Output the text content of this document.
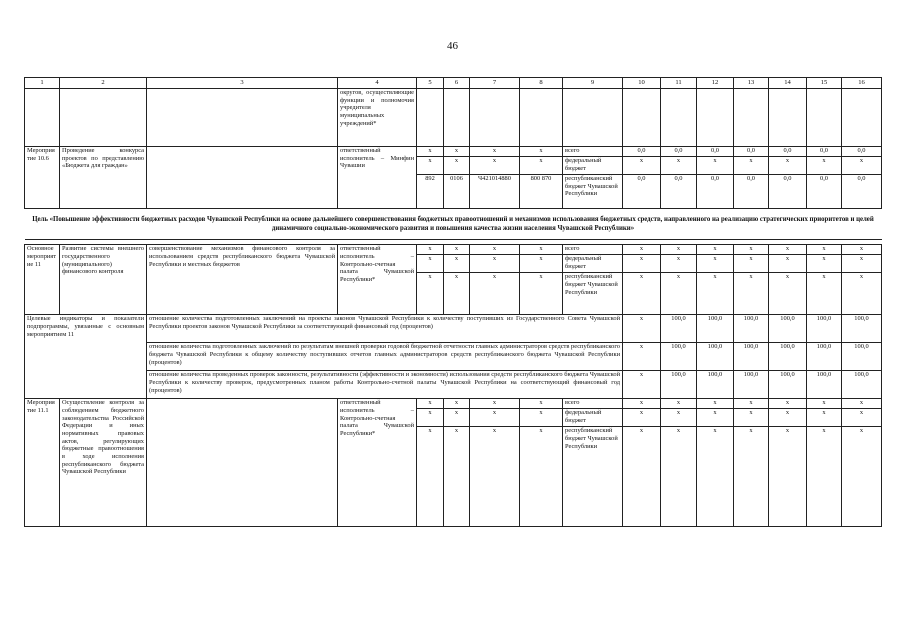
46
1	2	3	4	5	6	7	8	9	10	11	12	13	14	15	16
			округов, осуществляющие функции и полномочия учредителя муниципальных учреждений*												
Мероприятие 10.6	Проведение конкурса проектов по представлению «Бюджета для граждан»		ответственный исполнитель – Минфин Чувашии	x	x	x	x	всего	0,0	0,0	0,0	0,0	0,0	0,0	0,0
				x	x	x	x	федеральный бюджет	x	x	x	x	x	x	x
				892	0106	Ч421014880	800 870	республиканский бюджет Чувашской Республики	0,0	0,0	0,0	0,0	0,0	0,0	0,0
Цель «Повышение эффективности бюджетных расходов Чувашской Республики на основе дальнейшего совершенствования бюджетных правоотношений и механизмов использования бюджетных средств, направленного на реализацию стратегических приоритетов и целей динамичного социально-экономического развития и повышения качества жизни населения Чувашской Республики»															

Основное мероприятие 11	Развитие системы внешнего государственного (муниципального) финансового контроля	совершенствование механизмов финансового контроля за использованием средств республиканского бюджета Чувашской Республики и местных бюджетов	ответственный исполнитель – Контрольно-счетная палата Чувашской Республики*	x	x	x	x	всего	x	x	x	x	x	x	x
				x	x	x	x	федеральный бюджет	x	x	x	x	x	x	x
				x	x	x	x	республиканский бюджет Чувашской Республики	x	x	x	x	x	x	x
Целевые индикаторы и показатели подпрограммы, увязанные с основным мероприятием 11		отношение количества подготовленных заключений на проекты законов Чувашской Республики к количеству поступивших из Государственного Совета Чувашской Республики проектов законов Чувашской Республики за соответствующий финансовый год (процентов)							x	100,0	100,0	100,0	100,0	100,0	100,0
		отношение количества подготовленных заключений по результатам внешней проверки годовой бюджетной отчетности главных администраторов средств республиканского бюджета Чувашской Республики к общему количеству поступивших отчетов главных администраторов средств республиканского бюджета Чувашской Республики (процентов)							x	100,0	100,0	100,0	100,0	100,0	100,0
		отношение количества проведенных проверок законности, результативности (эффективности и экономности) использования средств республиканского бюджета Чувашской Республики к количеству проверок, предусмотренных планом работы Контрольно-счетной палаты Чувашской Республики на соответствующий финансовый год (процентов)							x	100,0	100,0	100,0	100,0	100,0	100,0
Мероприятие 11.1	Осуществление контроля за соблюдением бюджетного законодательства Российской Федерации и иных нормативных правовых актов, регулирующих бюджетные правоотношения в ходе исполнения республиканского бюджета Чувашской Республики		ответственный исполнитель – Контрольно-счетная палата Чувашской Республики*	x	x	x	x	всего	x	x	x	x	x	x	x
				x	x	x	x	федеральный бюджет	x	x	x	x	x	x	x
				x	x	x	x	республиканский бюджет Чувашской Республики	x	x	x	x	x	x	x
